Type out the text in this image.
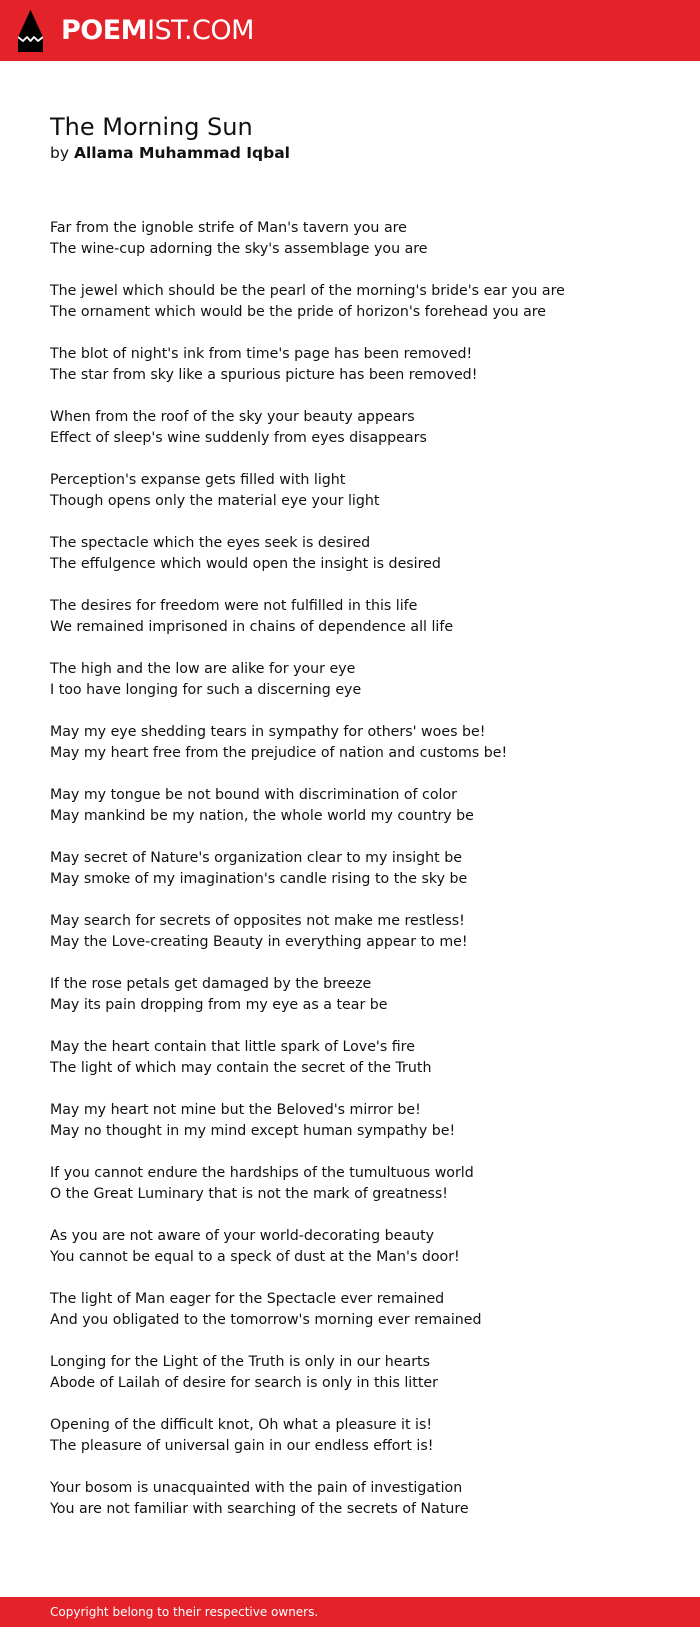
POEMIST.COM
The Morning Sun
by Allama Muhammad Iqbal
Far from the ignoble strife of Man's tavern you are
The wine-cup adorning the sky's assemblage you are
The jewel which should be the pearl of the morning's bride's ear you are
The ornament which would be the pride of horizon's forehead you are
The blot of night's ink from time's page has been removed!
The star from sky like a spurious picture has been removed!
When from the roof of the sky your beauty appears
Effect of sleep's wine suddenly from eyes disappears
Perception's expanse gets filled with light
Though opens only the material eye your light
The spectacle which the eyes seek is desired
The effulgence which would open the insight is desired
The desires for freedom were not fulfilled in this life
We remained imprisoned in chains of dependence all life
The high and the low are alike for your eye
I too have longing for such a discerning eye
May my eye shedding tears in sympathy for others' woes be!
May my heart free from the prejudice of nation and customs be!
May my tongue be not bound with discrimination of color
May mankind be my nation, the whole world my country be
May secret of Nature's organization clear to my insight be
May smoke of my imagination's candle rising to the sky be
May search for secrets of opposites not make me restless!
May the Love-creating Beauty in everything appear to me!
If the rose petals get damaged by the breeze
May its pain dropping from my eye as a tear be
May the heart contain that little spark of Love's fire
The light of which may contain the secret of the Truth
May my heart not mine but the Beloved's mirror be!
May no thought in my mind except human sympathy be!
If you cannot endure the hardships of the tumultuous world
O the Great Luminary that is not the mark of greatness!
As you are not aware of your world-decorating beauty
You cannot be equal to a speck of dust at the Man's door!
The light of Man eager for the Spectacle ever remained
And you obligated to the tomorrow's morning ever remained
Longing for the Light of the Truth is only in our hearts
Abode of Lailah of desire for search is only in this litter
Opening of the difficult knot, Oh what a pleasure it is!
The pleasure of universal gain in our endless effort is!
Your bosom is unacquainted with the pain of investigation
You are not familiar with searching of the secrets of Nature
Copyright belong to their respective owners.
